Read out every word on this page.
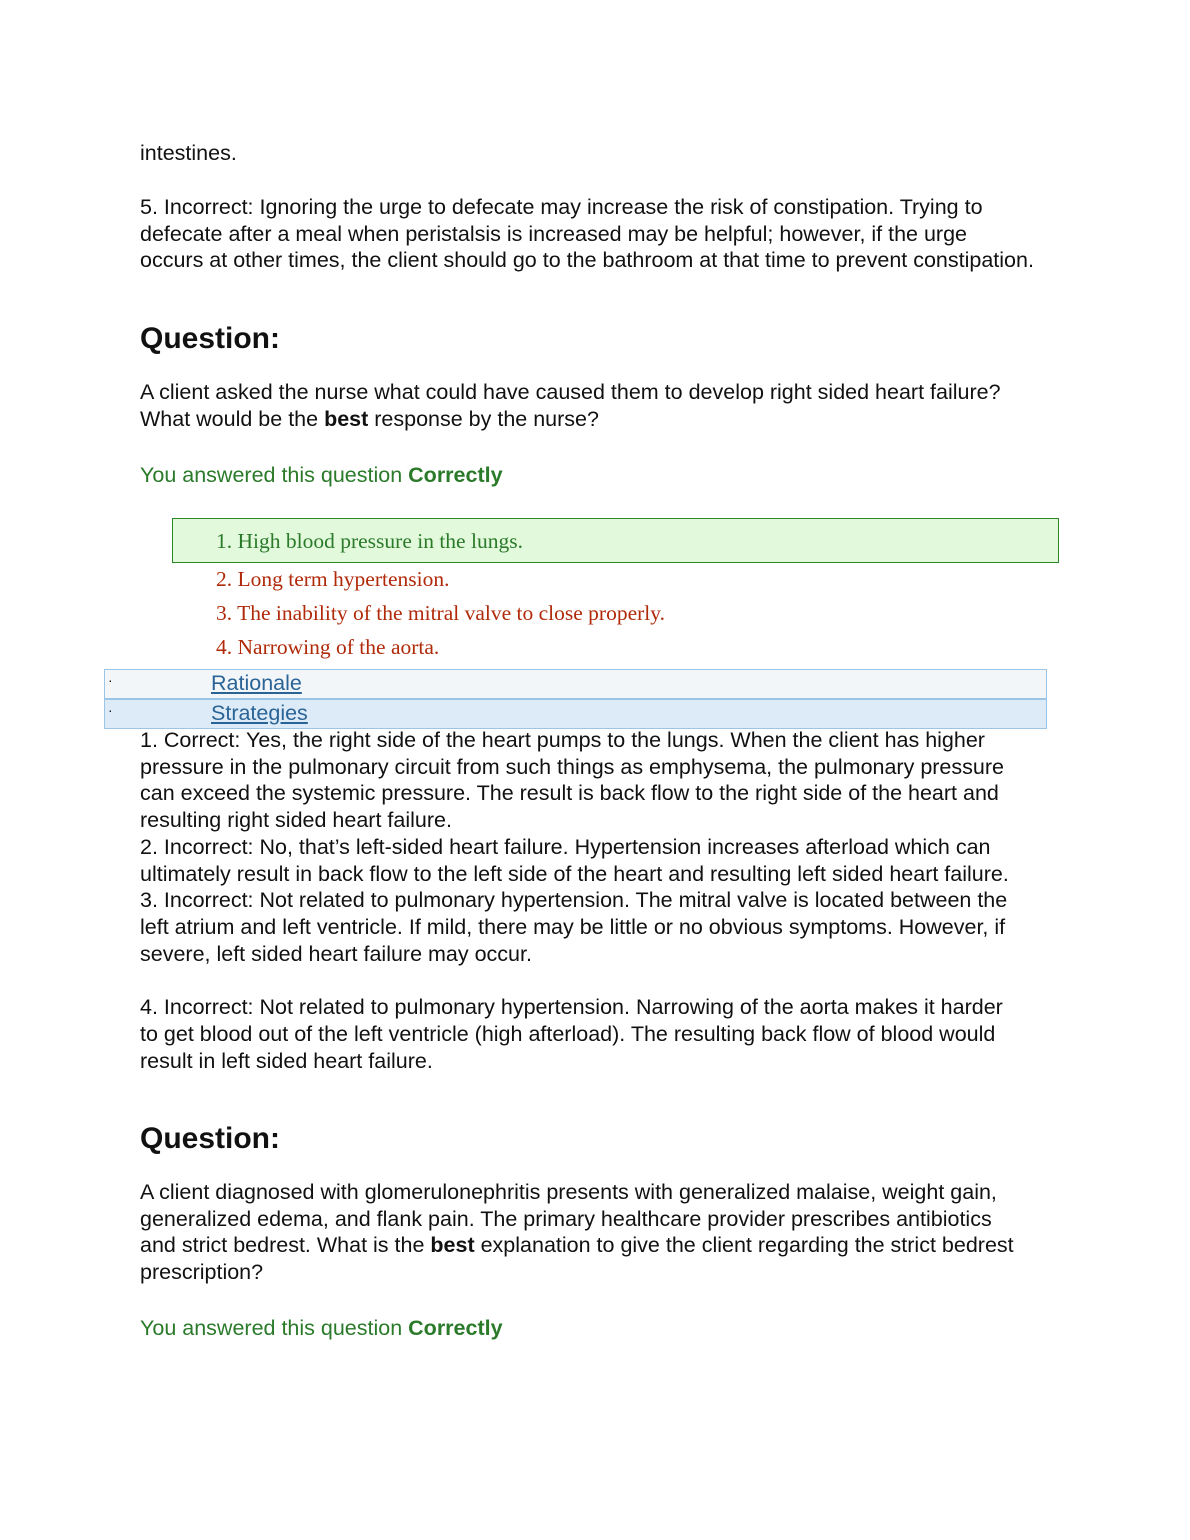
intestines.
5. Incorrect: Ignoring the urge to defecate may increase the risk of constipation. Trying to defecate after a meal when peristalsis is increased may be helpful; however, if the urge occurs at other times, the client should go to the bathroom at that time to prevent constipation.
Question:
A client asked the nurse what could have caused them to develop right sided heart failure? What would be the best response by the nurse?
You answered this question Correctly
1. High blood pressure in the lungs.
2. Long term hypertension.
3. The inability of the mitral valve to close properly.
4. Narrowing of the aorta.
·	Rationale
·	Strategies
1. Correct: Yes, the right side of the heart pumps to the lungs. When the client has higher pressure in the pulmonary circuit from such things as emphysema, the pulmonary pressure can exceed the systemic pressure. The result is back flow to the right side of the heart and resulting right sided heart failure.
2. Incorrect: No, that’s left-sided heart failure. Hypertension increases afterload which can ultimately result in back flow to the left side of the heart and resulting left sided heart failure.
3. Incorrect: Not related to pulmonary hypertension. The mitral valve is located between the left atrium and left ventricle. If mild, there may be little or no obvious symptoms. However, if severe, left sided heart failure may occur.
4. Incorrect: Not related to pulmonary hypertension. Narrowing of the aorta makes it harder to get blood out of the left ventricle (high afterload). The resulting back flow of blood would result in left sided heart failure.
Question:
A client diagnosed with glomerulonephritis presents with generalized malaise, weight gain, generalized edema, and flank pain. The primary healthcare provider prescribes antibiotics and strict bedrest. What is the best explanation to give the client regarding the strict bedrest prescription?
You answered this question Correctly
